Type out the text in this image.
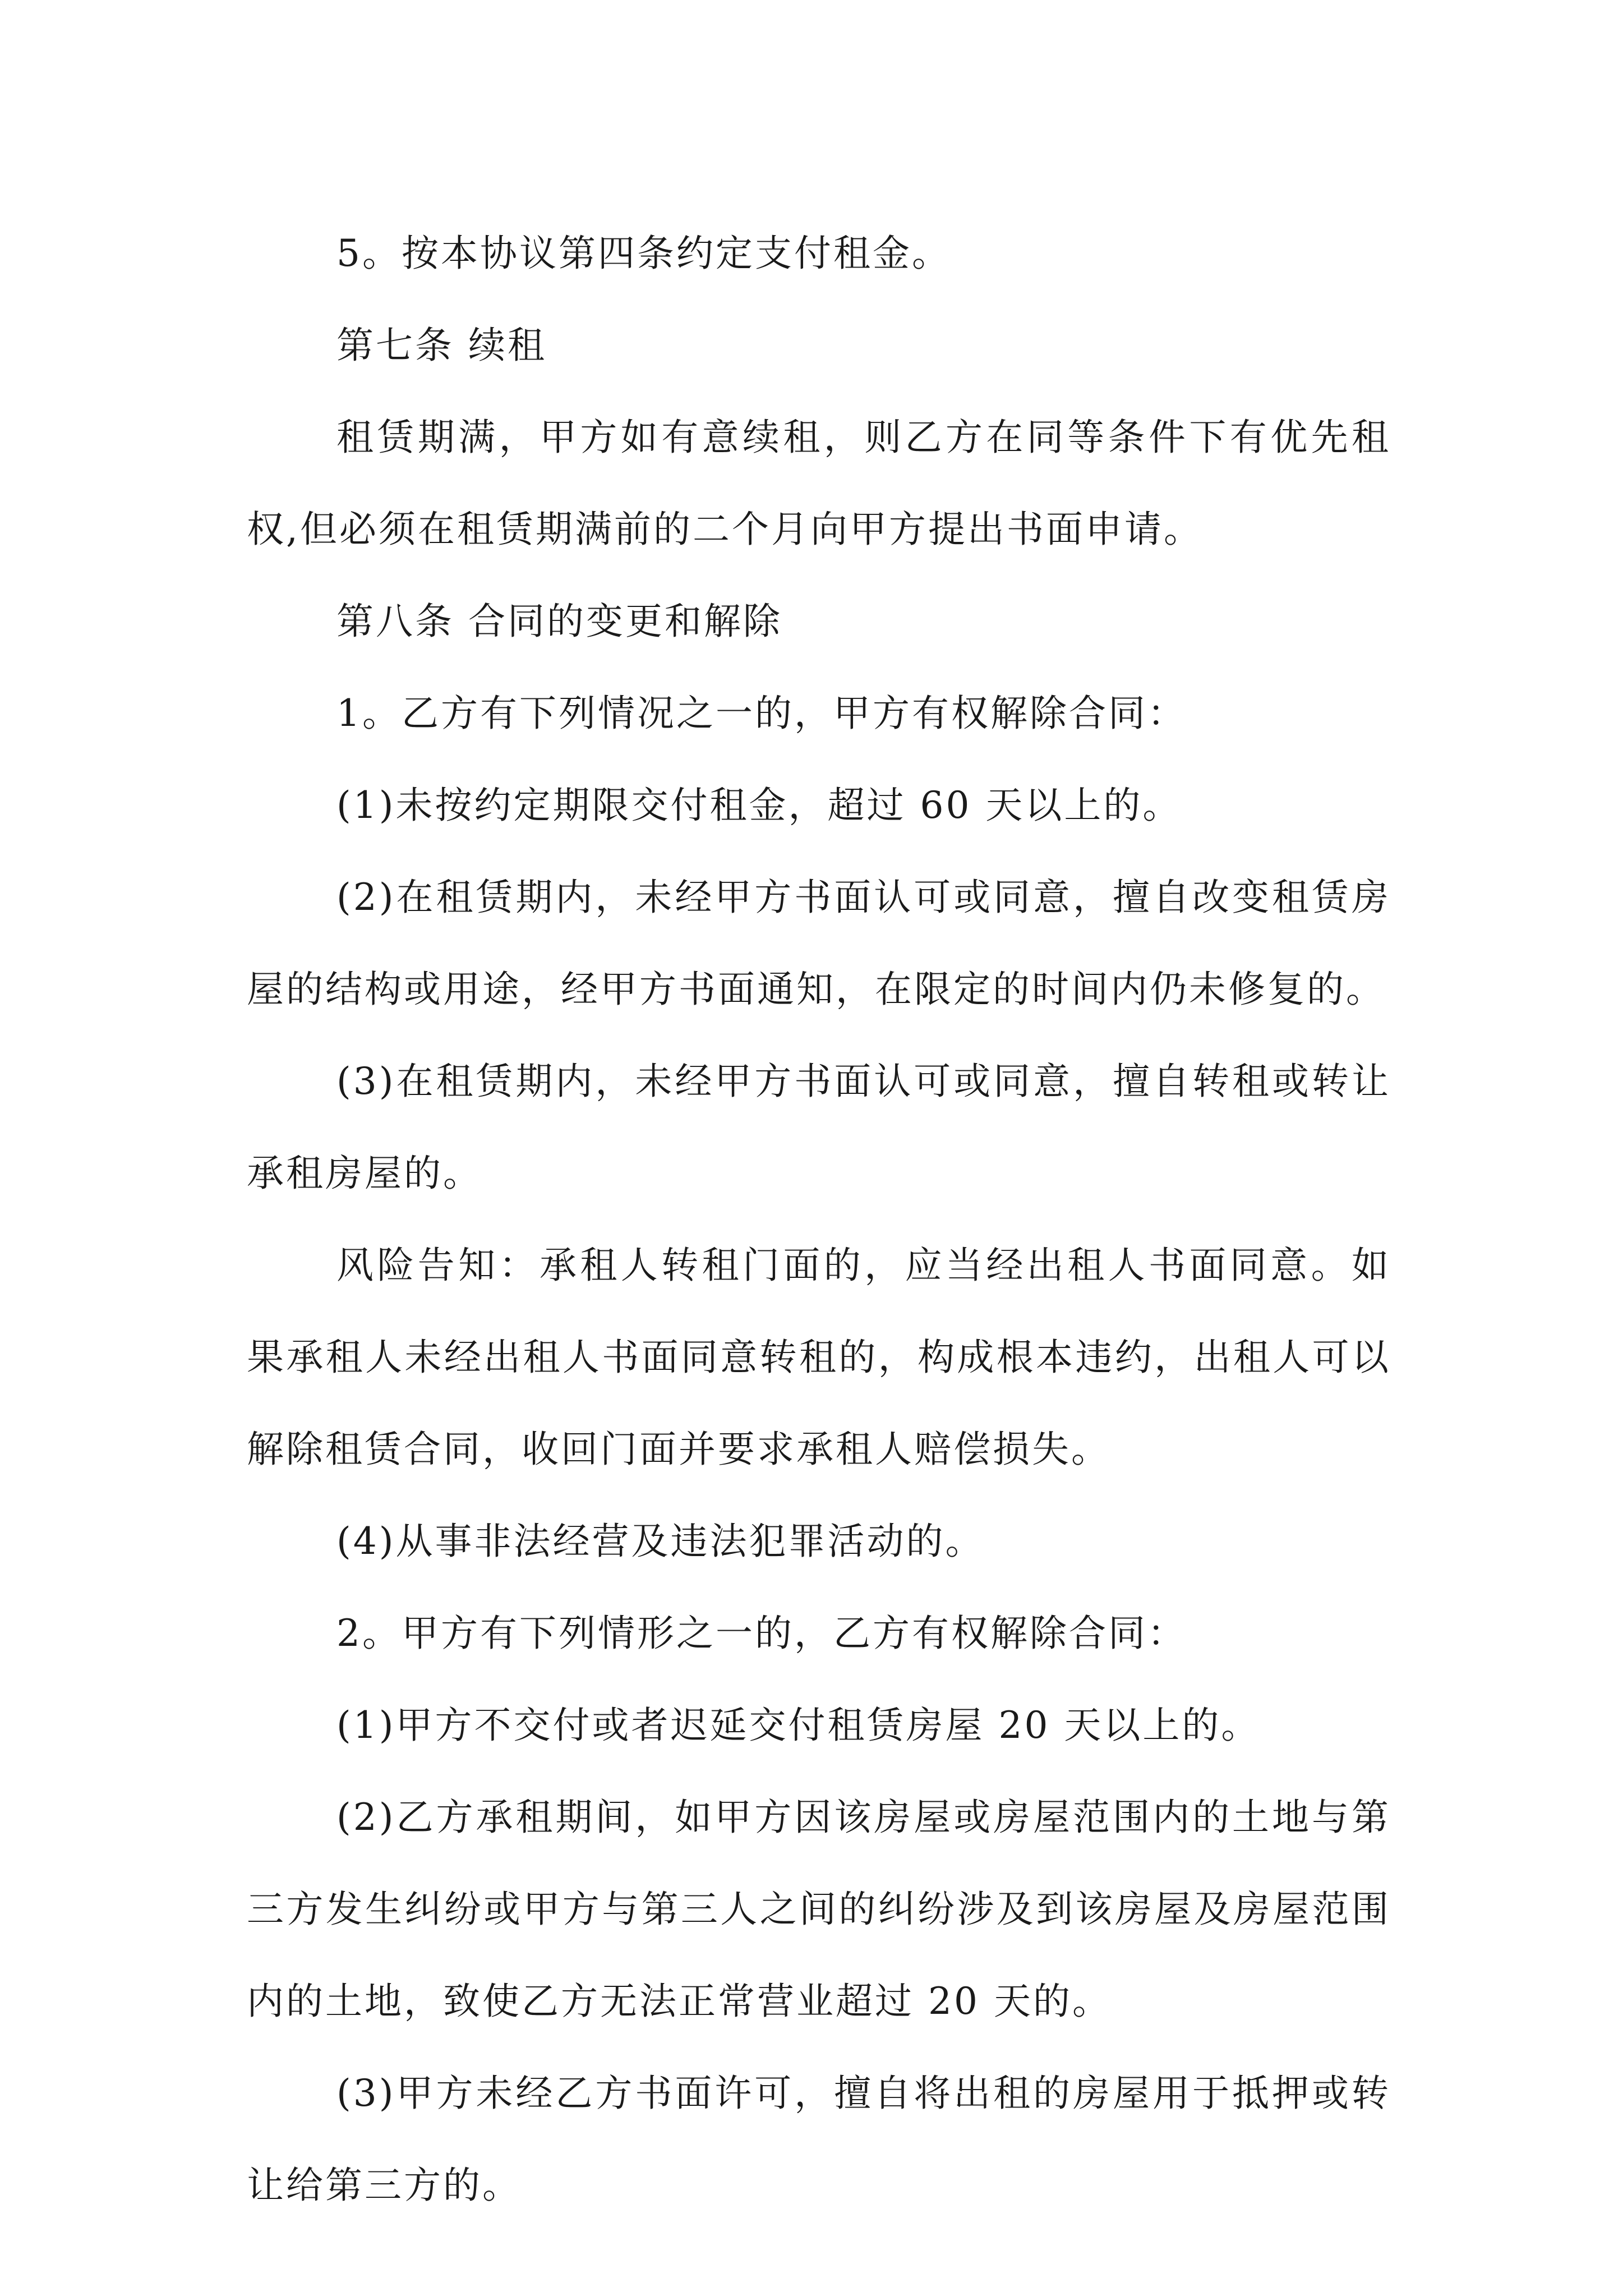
5。按本协议第四条约定支付租金。

第七条 续租

租赁期满，甲方如有意续租，则乙方在同等条件下有优先租权,但必须在租赁期满前的二个月向甲方提出书面申请。

第八条 合同的变更和解除

1。乙方有下列情况之一的，甲方有权解除合同：

(1)未按约定期限交付租金，超过 60 天以上的。

(2)在租赁期内，未经甲方书面认可或同意，擅自改变租赁房屋的结构或用途，经甲方书面通知，在限定的时间内仍未修复的。

(3)在租赁期内，未经甲方书面认可或同意，擅自转租或转让承租房屋的。

风险告知：承租人转租门面的，应当经出租人书面同意。如果承租人未经出租人书面同意转租的，构成根本违约，出租人可以解除租赁合同，收回门面并要求承租人赔偿损失。

(4)从事非法经营及违法犯罪活动的。

2。甲方有下列情形之一的，乙方有权解除合同：

(1)甲方不交付或者迟延交付租赁房屋 20 天以上的。

(2)乙方承租期间，如甲方因该房屋或房屋范围内的土地与第三方发生纠纷或甲方与第三人之间的纠纷涉及到该房屋及房屋范围内的土地，致使乙方无法正常营业超过 20 天的。

(3)甲方未经乙方书面许可，擅自将出租的房屋用于抵押或转让给第三方的。
